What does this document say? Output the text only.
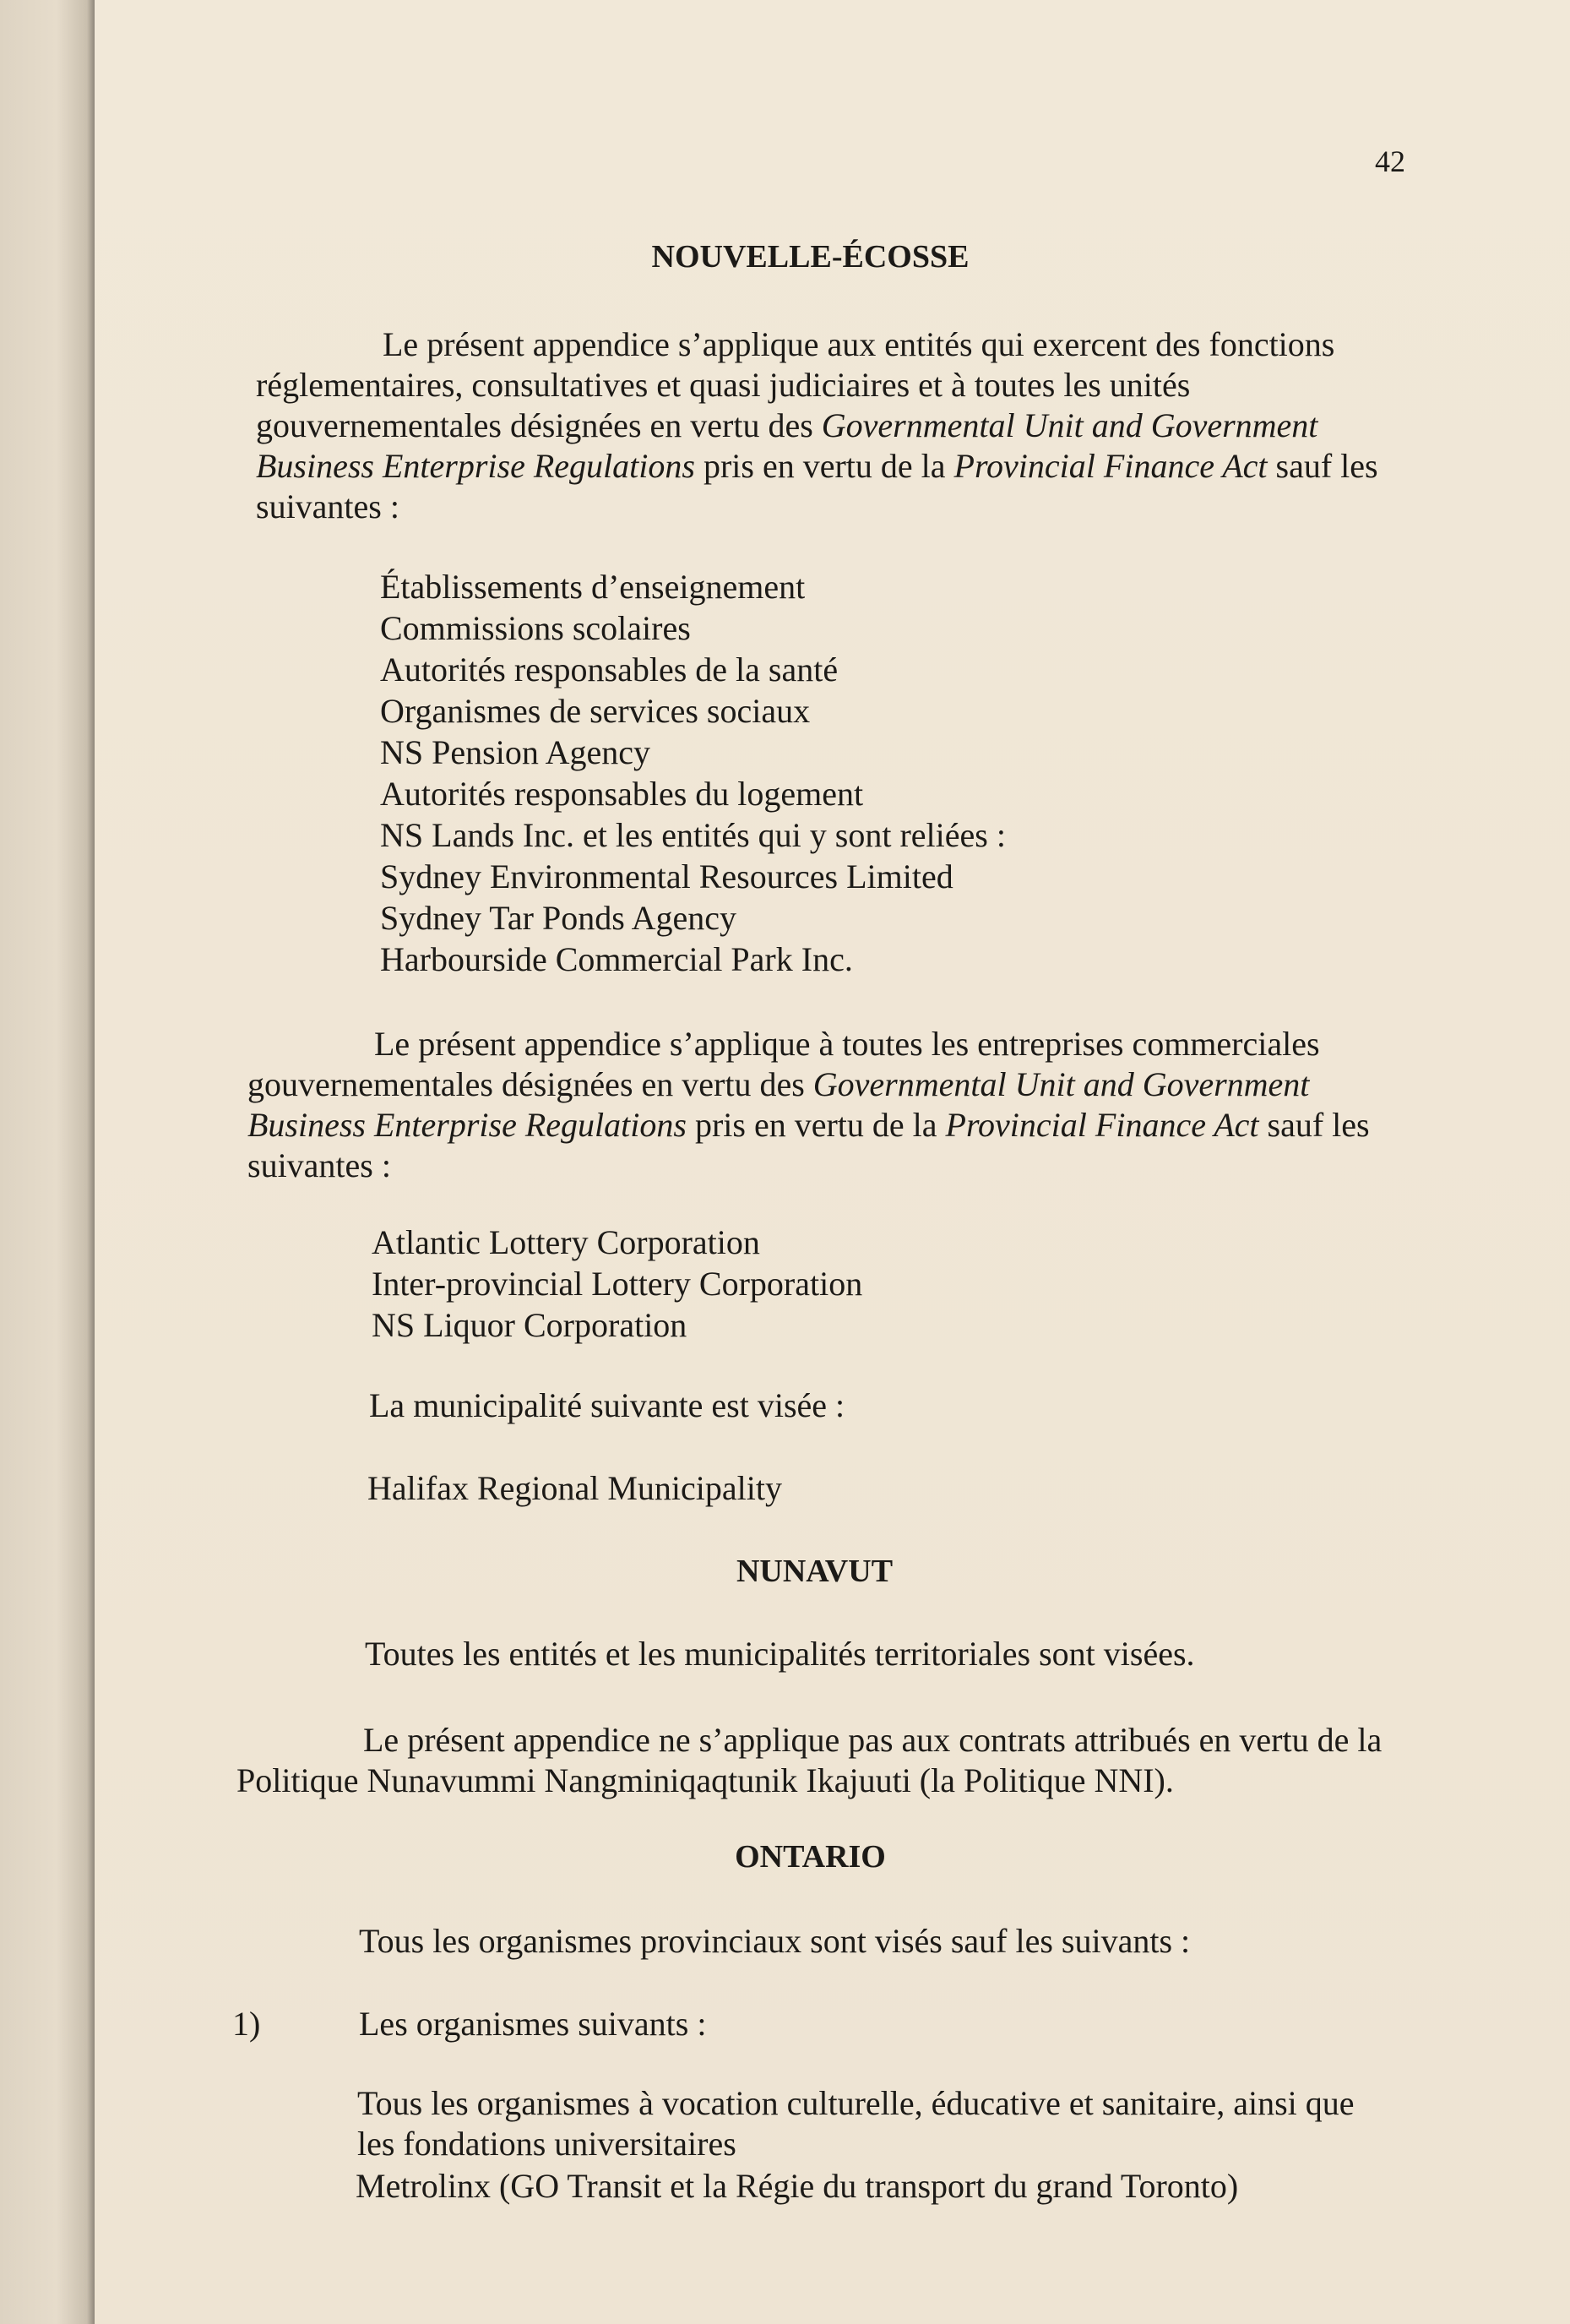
42
NOUVELLE-ÉCOSSE
Le présent appendice s’applique aux entités qui exercent des fonctions réglementaires, consultatives et quasi judiciaires et à toutes les unités gouvernementales désignées en vertu des Governmental Unit and Government Business Enterprise Regulations pris en vertu de la Provincial Finance Act sauf les suivantes :
Établissements d’enseignement
Commissions scolaires
Autorités responsables de la santé
Organismes de services sociaux
NS Pension Agency
Autorités responsables du logement
NS Lands Inc. et les entités qui y sont reliées :
Sydney Environmental Resources Limited
Sydney Tar Ponds Agency
Harbourside Commercial Park Inc.
Le présent appendice s’applique à toutes les entreprises commerciales gouvernementales désignées en vertu des Governmental Unit and Government Business Enterprise Regulations pris en vertu de la Provincial Finance Act sauf les suivantes :
Atlantic Lottery Corporation
Inter-provincial Lottery Corporation
NS Liquor Corporation
La municipalité suivante est visée :
Halifax Regional Municipality
NUNAVUT
Toutes les entités et les municipalités territoriales sont visées.
Le présent appendice ne s’applique pas aux contrats attribués en vertu de la Politique Nunavummi Nangminiqaqtunik Ikajuuti (la Politique NNI).
ONTARIO
Tous les organismes provinciaux sont visés sauf les suivants :
1)	Les organismes suivants :
Tous les organismes à vocation culturelle, éducative et sanitaire, ainsi que les fondations universitaires
Metrolinx (GO Transit et la Régie du transport du grand Toronto)
